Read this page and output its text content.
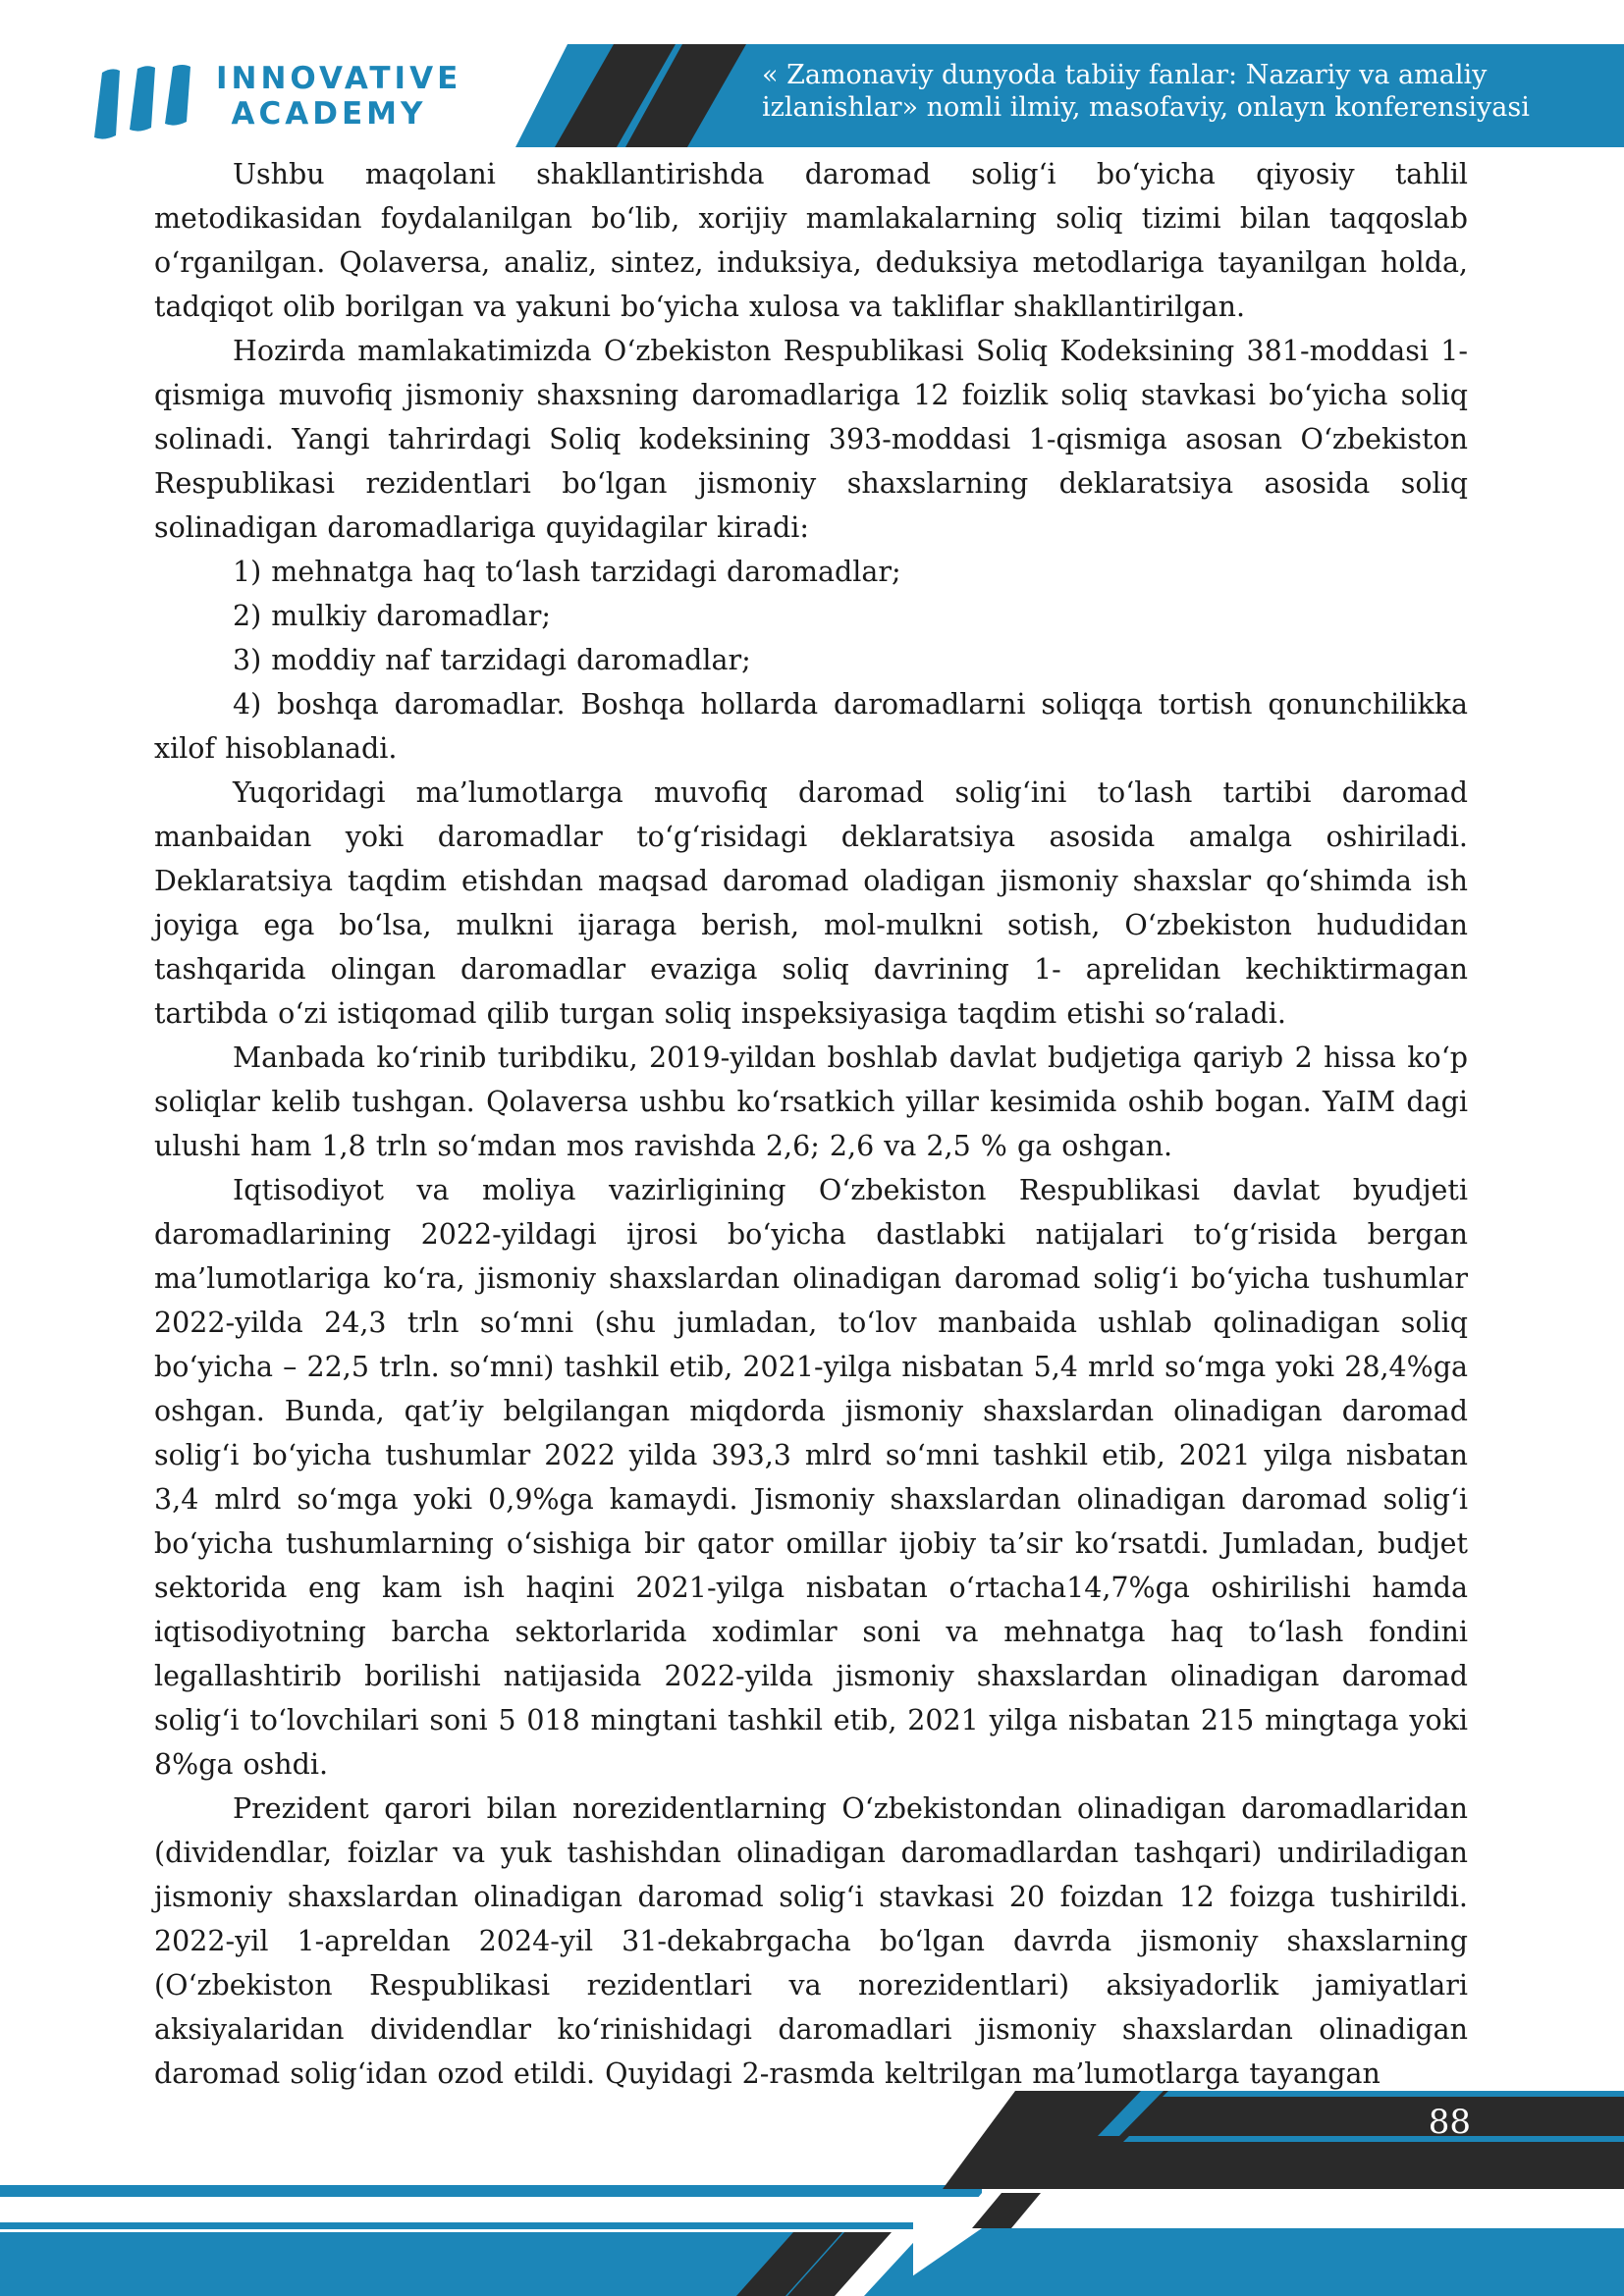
INNOVATIVE
ACADEMY
« Zamonaviy dunyoda tabiiy fanlar: Nazariy va amaliy
izlanishlar» nomli ilmiy, masofaviy, onlayn konferensiyasi

Ushbu maqolani shakllantirishda daromad solig‘i bo‘yicha qiyosiy tahlil metodikasidan foydalanilgan bo‘lib, xorijiy mamlakalarning soliq tizimi bilan taqqoslab o‘rganilgan. Qolaversa, analiz, sintez, induksiya, deduksiya metodlariga tayanilgan holda, tadqiqot olib borilgan va yakuni bo‘yicha xulosa va takliflar shakllantirilgan.

Hozirda mamlakatimizda O‘zbekiston Respublikasi Soliq Kodeksining 381-moddasi 1-qismiga muvofiq jismoniy shaxsning daromadlariga 12 foizlik soliq stavkasi bo‘yicha soliq solinadi. Yangi tahrirdagi Soliq kodeksining 393-moddasi 1-qismiga asosan O‘zbekiston Respublikasi rezidentlari bo‘lgan jismoniy shaxslarning deklaratsiya asosida soliq solinadigan daromadlariga quyidagilar kiradi:

1) mehnatga haq to‘lash tarzidagi daromadlar;

2) mulkiy daromadlar;

3) moddiy naf tarzidagi daromadlar;

4) boshqa daromadlar. Boshqa hollarda daromadlarni soliqqa tortish qonunchilikka xilof hisoblanadi.

Yuqoridagi ma’lumotlarga muvofiq daromad solig‘ini to‘lash tartibi daromad manbaidan yoki daromadlar to‘g‘risidagi deklaratsiya asosida amalga oshiriladi. Deklaratsiya taqdim etishdan maqsad daromad oladigan jismoniy shaxslar qo‘shimda ish joyiga ega bo‘lsa, mulkni ijaraga berish, mol-mulkni sotish, O‘zbekiston hududidan tashqarida olingan daromadlar evaziga soliq davrining 1- aprelidan kechiktirmagan tartibda o‘zi istiqomad qilib turgan soliq inspeksiyasiga taqdim etishi so‘raladi.

Manbada ko‘rinib turibdiku, 2019-yildan boshlab davlat budjetiga qariyb 2 hissa ko‘p soliqlar kelib tushgan. Qolaversa ushbu ko‘rsatkich yillar kesimida oshib bogan. YaIM dagi ulushi ham 1,8 trln so‘mdan mos ravishda 2,6; 2,6 va 2,5 % ga oshgan.

Iqtisodiyot va moliya vazirligining O‘zbekiston Respublikasi davlat byudjeti daromadlarining 2022-yildagi ijrosi bo‘yicha dastlabki natijalari to‘g‘risida bergan ma’lumotlariga ko‘ra, jismoniy shaxslardan olinadigan daromad solig‘i bo‘yicha tushumlar 2022-yilda 24,3 trln so‘mni (shu jumladan, to‘lov manbaida ushlab qolinadigan soliq bo‘yicha – 22,5 trln. so‘mni) tashkil etib, 2021-yilga nisbatan 5,4 mrld so‘mga yoki 28,4%ga oshgan. Bunda, qat’iy belgilangan miqdorda jismoniy shaxslardan olinadigan daromad solig‘i bo‘yicha tushumlar 2022 yilda 393,3 mlrd so‘mni tashkil etib, 2021 yilga nisbatan 3,4 mlrd so‘mga yoki 0,9%ga kamaydi. Jismoniy shaxslardan olinadigan daromad solig‘i bo‘yicha tushumlarning o‘sishiga bir qator omillar ijobiy ta’sir ko‘rsatdi. Jumladan, budjet sektorida eng kam ish haqini 2021-yilga nisbatan o‘rtacha14,7%ga oshirilishi hamda iqtisodiyotning barcha sektorlarida xodimlar soni va mehnatga haq to‘lash fondini legallashtirib borilishi natijasida 2022-yilda jismoniy shaxslardan olinadigan daromad solig‘i to‘lovchilari soni 5 018 mingtani tashkil etib, 2021 yilga nisbatan 215 mingtaga yoki 8%ga oshdi.

Prezident qarori bilan norezidentlarning O‘zbekistondan olinadigan daromadlaridan (dividendlar, foizlar va yuk tashishdan olinadigan daromadlardan tashqari) undiriladigan jismoniy shaxslardan olinadigan daromad solig‘i stavkasi 20 foizdan 12 foizga tushirildi. 2022-yil 1-apreldan 2024-yil 31-dekabrgacha bo‘lgan davrda jismoniy shaxslarning (O‘zbekiston Respublikasi rezidentlari va norezidentlari) aksiyadorlik jamiyatlari aksiyalaridan dividendlar ko‘rinishidagi daromadlari jismoniy shaxslardan olinadigan daromad solig‘idan ozod etildi. Quyidagi 2-rasmda keltrilgan ma’lumotlarga tayangan

88
